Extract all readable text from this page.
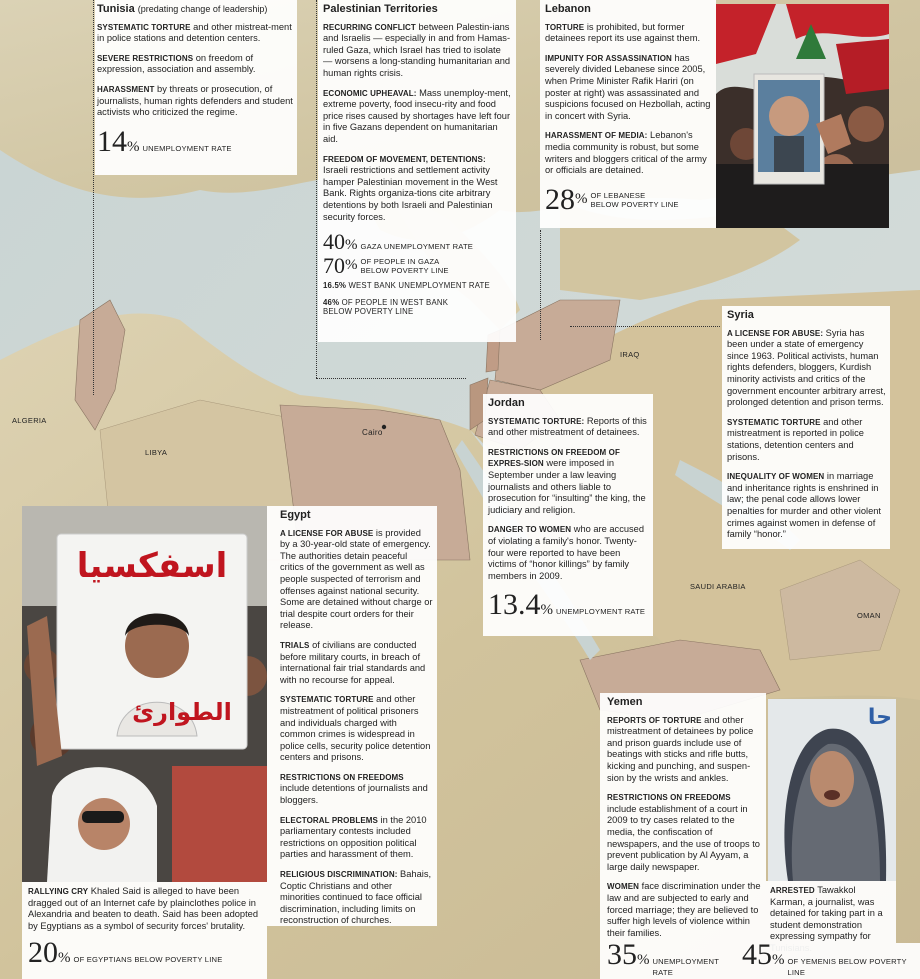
ALGERIA
LIBYA
Cairo
IRAQ
SAUDI ARABIA
OMAN
Tunisia (predating change of leadership)

SYSTEMATIC TORTURE and other mistreat-ment in police stations and detention centers.

SEVERE RESTRICTIONS on freedom of expression, association and assembly.

HARASSMENT by threats or prosecution, of journalists, human rights defenders and student activists who criticized the regime.

14 % UNEMPLOYMENT RATE
Palestinian Territories

RECURRING CONFLICT between Palestin-ians and Israelis — especially in and from Hamas-ruled Gaza, which Israel has tried to isolate — worsens a long-standing humanitarian and human rights crisis.

ECONOMIC UPHEAVAL: Mass unemploy-ment, extreme poverty, food insecu-rity and food price rises caused by shortages have left four in five Gazans dependent on humanitarian aid.

FREEDOM OF MOVEMENT, DETENTIONS: Israeli restrictions and settlement activity hamper Palestinian movement in the West Bank. Rights organiza-tions cite arbitrary detentions by both Israeli and Palestinian security forces.

40 % GAZA UNEMPLOYMENT RATE
70 % OF PEOPLE IN GAZA
BELOW POVERTY LINE
16.5% WEST BANK UNEMPLOYMENT RATE
46% OF PEOPLE IN WEST BANK
BELOW POVERTY LINE
Lebanon

TORTURE is prohibited, but former detainees report its use against them.

IMPUNITY FOR ASSASSINATION has severely divided Lebanese since 2005, when Prime Minister Rafik Hariri (on poster at right) was assassinated and suspicions focused on Hezbollah, acting in concert with Syria.

HARASSMENT OF MEDIA: Lebanon's media community is robust, but some writers and bloggers critical of the army or officials are detained.

28 % OF LEBANESE
BELOW POVERTY LINE
Syria

A LICENSE FOR ABUSE: Syria has been under a state of emergency since 1963. Political activists, human rights defenders, bloggers, Kurdish minority activists and critics of the government encounter arbitrary arrest, prolonged detention and prison terms.

SYSTEMATIC TORTURE and other mistreatment is reported in police stations, detention centers and prisons.

INEQUALITY OF WOMEN in marriage and inheritance rights is enshrined in law; the penal code allows lower penalties for murder and other violent crimes against women in defense of family “honor.”

Jordan

SYSTEMATIC TORTURE: Reports of this and other mistreatment of detainees.

RESTRICTIONS ON FREEDOM OF EXPRES-SION were imposed in September under a law leaving journalists and others liable to prosecution for “insulting” the king, the judiciary and religion.

DANGER TO WOMEN who are accused of violating a family's honor. Twenty-four were reported to have been victims of “honor killings” by family members in 2009.

13.4 % UNEMPLOYMENT RATE
اسفكسيا
الطوارئ

RALLYING CRY Khaled Said is alleged to have been dragged out of an Internet cafe by plainclothes police in Alexandria and beaten to death. Said has been adopted by Egyptians as a symbol of security forces' brutality.

20 % OF EGYPTIANS BELOW POVERTY LINE
Egypt

A LICENSE FOR ABUSE is provided by a 30-year-old state of emergency. The authorities detain peaceful critics of the government as well as people suspected of terrorism and offenses against national security. Some are detained without charge or trial despite court orders for their release.

TRIALS of civilians are conducted before military courts, in breach of international fair trial standards and with no recourse for appeal.

SYSTEMATIC TORTURE and other mistreatment of political prisoners and individuals charged with common crimes is widespread in police cells, security police detention centers and prisons.

RESTRICTIONS ON FREEDOMS include detentions of journalists and bloggers.

ELECTORAL PROBLEMS in the 2010 parliamentary contests included restrictions on opposition political parties and harassment of them.

RELIGIOUS DISCRIMINATION: Bahais, Coptic Christians and other minorities continued to face official discrimination, including limits on reconstruction of churches.

Yemen

REPORTS OF TORTURE and other mistreatment of detainees by police and prison guards include use of beatings with sticks and rifle butts, kicking and punching, and suspen-sion by the wrists and ankles.

RESTRICTIONS ON FREEDOMS include establishment of a court in 2009 to try cases related to the media, the confiscation of newspapers, and the use of troops to prevent publication by Al Ayyam, a large daily newspaper.

WOMEN face discrimination under the law and are subjected to early and forced marriage; they are believed to suffer high levels of violence within their families.

حا

ARRESTED Tawakkol Karman, a journalist, was detained for taking part in a student demonstration expressing sympathy for

35 % UNEMPLOYMENT RATE
45 % OF YEMENIS BELOW POVERTY LINE
